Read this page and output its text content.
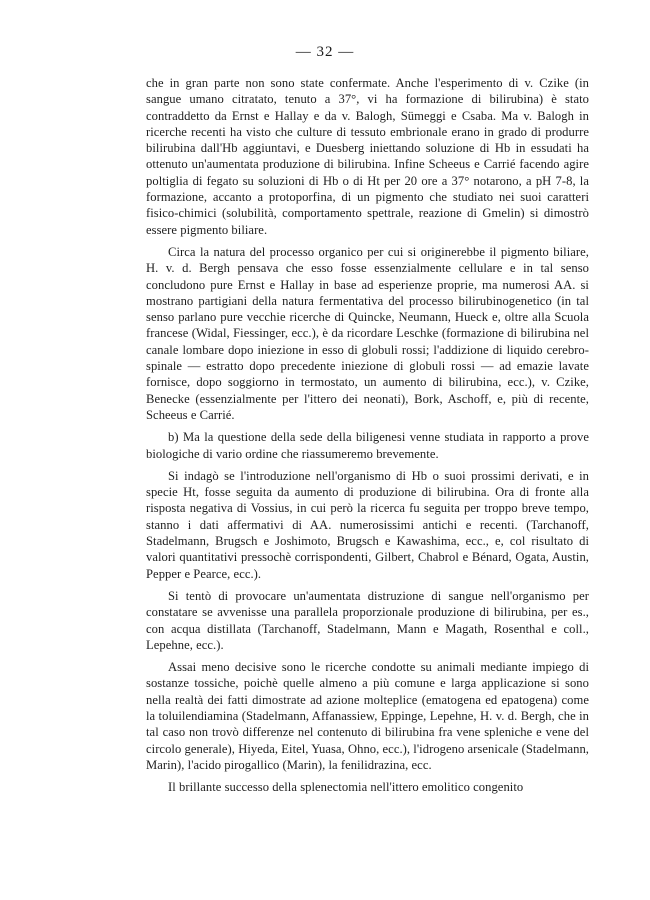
— 32 —

che in gran parte non sono state confermate. Anche l'esperimento di v. Czike (in sangue umano citratato, tenuto a 37°, vi ha formazione di bilirubina) è stato contraddetto da Ernst e Hallay e da v. Balogh, Sümeggi e Csaba. Ma v. Balogh in ricerche recenti ha visto che culture di tessuto embrionale erano in grado di produrre bilirubina dall'Hb aggiuntavi, e Duesberg iniettando soluzione di Hb in essudati ha ottenuto un'aumentata produzione di bilirubina. Infine Scheeus e Carrié facendo agire poltiglia di fegato su soluzioni di Hb o di Ht per 20 ore a 37° notarono, a pH 7-8, la formazione, accanto a protoporfina, di un pigmento che studiato nei suoi caratteri fisico-chimici (solubilità, comportamento spettrale, reazione di Gmelin) si dimostrò essere pigmento biliare.

Circa la natura del processo organico per cui si originerebbe il pigmento biliare, H. v. d. Bergh pensava che esso fosse essenzialmente cellulare e in tal senso concludono pure Ernst e Hallay in base ad esperienze proprie, ma numerosi AA. si mostrano partigiani della natura fermentativa del processo bilirubinogenetico (in tal senso parlano pure vecchie ricerche di Quincke, Neumann, Hueck e, oltre alla Scuola francese (Widal, Fiessinger, ecc.), è da ricordare Leschke (formazione di bilirubina nel canale lombare dopo iniezione in esso di globuli rossi; l'addizione di liquido cerebro-spinale — estratto dopo precedente iniezione di globuli rossi — ad emazie lavate fornisce, dopo soggiorno in termostato, un aumento di bilirubina, ecc.), v. Czike, Benecke (essenzialmente per l'ittero dei neonati), Bork, Aschoff, e, più di recente, Scheeus e Carrié.

b) Ma la questione della sede della biligenesi venne studiata in rapporto a prove biologiche di vario ordine che riassumeremo brevemente.

Si indagò se l'introduzione nell'organismo di Hb o suoi prossimi derivati, e in specie Ht, fosse seguita da aumento di produzione di bilirubina. Ora di fronte alla risposta negativa di Vossius, in cui però la ricerca fu seguita per troppo breve tempo, stanno i dati affermativi di AA. numerosissimi antichi e recenti. (Tarchanoff, Stadelmann, Brugsch e Joshimoto, Brugsch e Kawashima, ecc., e, col risultato di valori quantitativi pressochè corrispondenti, Gilbert, Chabrol e Bénard, Ogata, Austin, Pepper e Pearce, ecc.).

Si tentò di provocare un'aumentata distruzione di sangue nell'organismo per constatare se avvenisse una parallela proporzionale produzione di bilirubina, per es., con acqua distillata (Tarchanoff, Stadelmann, Mann e Magath, Rosenthal e coll., Lepehne, ecc.).

Assai meno decisive sono le ricerche condotte su animali mediante impiego di sostanze tossiche, poichè quelle almeno a più comune e larga applicazione si sono nella realtà dei fatti dimostrate ad azione molteplice (ematogena ed epatogena) come la toluilendiamina (Stadelmann, Affanassiew, Eppinge, Lepehne, H. v. d. Bergh, che in tal caso non trovò differenze nel contenuto di bilirubina fra vene spleniche e vene del circolo generale), Hiyeda, Eitel, Yuasa, Ohno, ecc.), l'idrogeno arsenicale (Stadelmann, Marin), l'acido pirogallico (Marin), la fenilidrazina, ecc.

Il brillante successo della splenectomia nell'ittero emolitico congenito
